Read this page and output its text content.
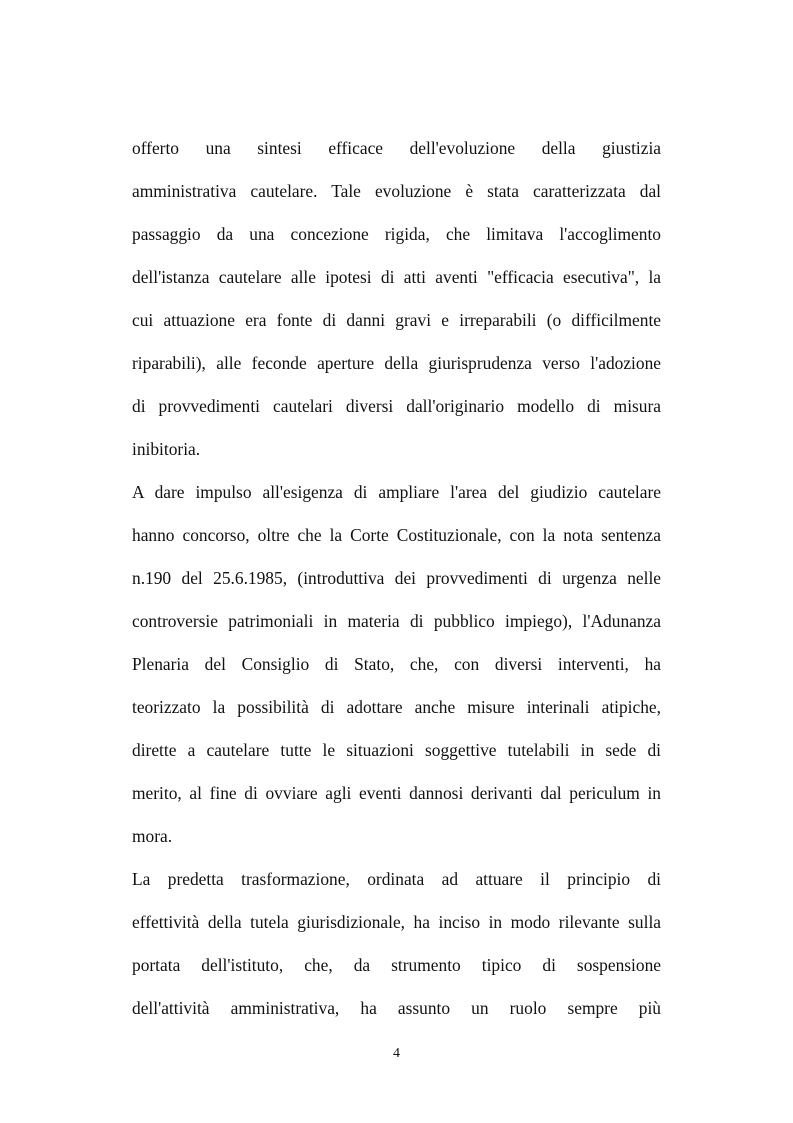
offerto una sintesi efficace dell'evoluzione della giustizia
amministrativa cautelare. Tale evoluzione è stata caratterizzata dal
passaggio da una concezione rigida, che limitava l'accoglimento
dell'istanza cautelare alle ipotesi di atti aventi "efficacia esecutiva", la
cui attuazione era fonte di danni gravi e irreparabili (o difficilmente
riparabili), alle feconde aperture della giurisprudenza verso l'adozione
di provvedimenti cautelari diversi dall'originario modello di misura
inibitoria.
A dare impulso all'esigenza di ampliare l'area del giudizio cautelare
hanno concorso, oltre che la Corte Costituzionale, con la nota sentenza
n.190 del 25.6.1985, (introduttiva dei provvedimenti di urgenza nelle
controversie patrimoniali in materia di pubblico impiego), l'Adunanza
Plenaria del Consiglio di Stato, che, con diversi interventi, ha
teorizzato la possibilità di adottare anche misure interinali atipiche,
dirette a cautelare tutte le situazioni soggettive tutelabili in sede di
merito, al fine di ovviare agli eventi dannosi derivanti dal periculum in
mora.
La predetta trasformazione, ordinata ad attuare il principio di
effettività della tutela giurisdizionale, ha inciso in modo rilevante sulla
portata dell'istituto, che, da strumento tipico di sospensione
dell'attività amministrativa, ha assunto un ruolo sempre più
4
